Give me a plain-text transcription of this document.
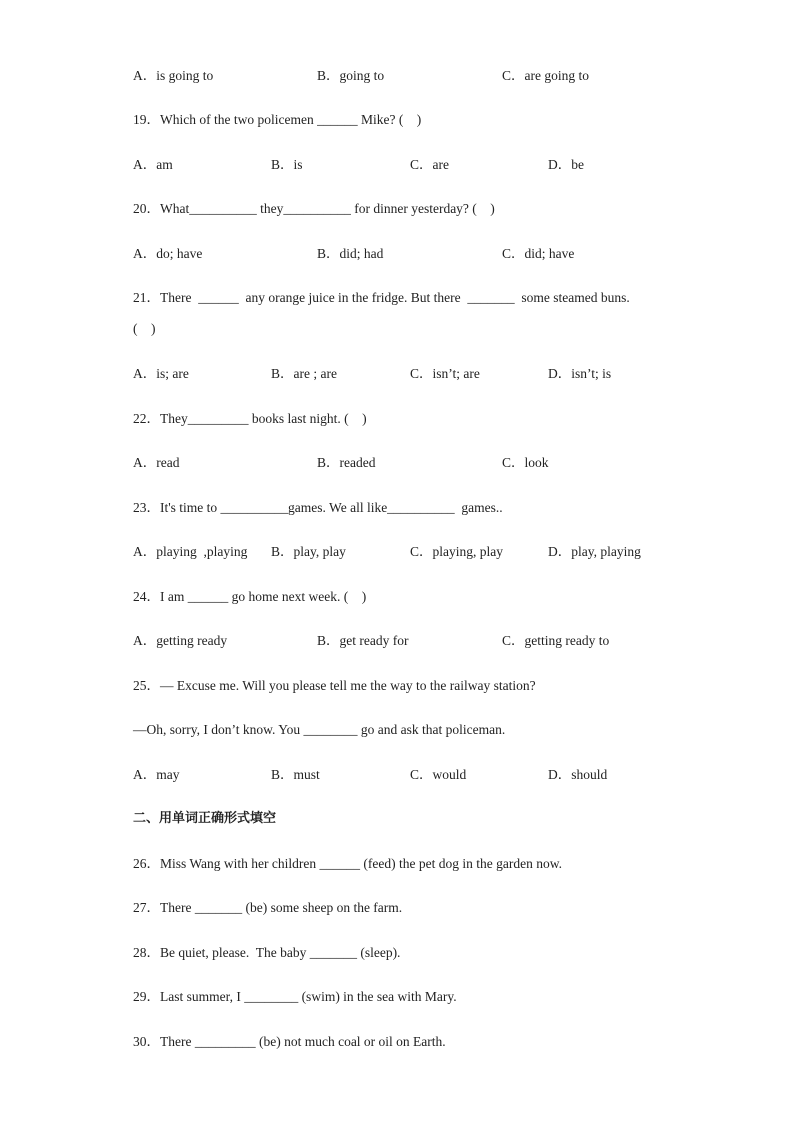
A．is going to	B．going to	C．are going to
19．Which of the two policemen ______ Mike? (    )
A．am	B．is	C．are	D．be
20．What__________ they__________ for dinner yesterday? (    )
A．do; have	B．did; had	C．did; have
21．There  ______  any orange juice in the fridge. But there  _______  some steamed buns.
(    )
A．is; are	B．are ; are	C．isn’t; are	D．isn’t; is
22．They_________ books last night. (    )
A．read	B．readed	C．look
23．It's time to __________games. We all like__________  games..
A．playing  ,playing B．play, play	C．playing, play	D．play, playing
24．I am ______ go home next week. (    )
A．getting ready	B．get ready for	C．getting ready to
25．— Excuse me. Will you please tell me the way to the railway station?
—Oh, sorry, I don’t know. You ________ go and ask that policeman.
A．may	B．must	C．would	D．should
二、用单词正确形式填空
26．Miss Wang with her children ______ (feed) the pet dog in the garden now.
27．There _______ (be) some sheep on the farm.
28．Be quiet, please.  The baby _______ (sleep).
29．Last summer, I ________ (swim) in the sea with Mary.
30．There _________ (be) not much coal or oil on Earth.
